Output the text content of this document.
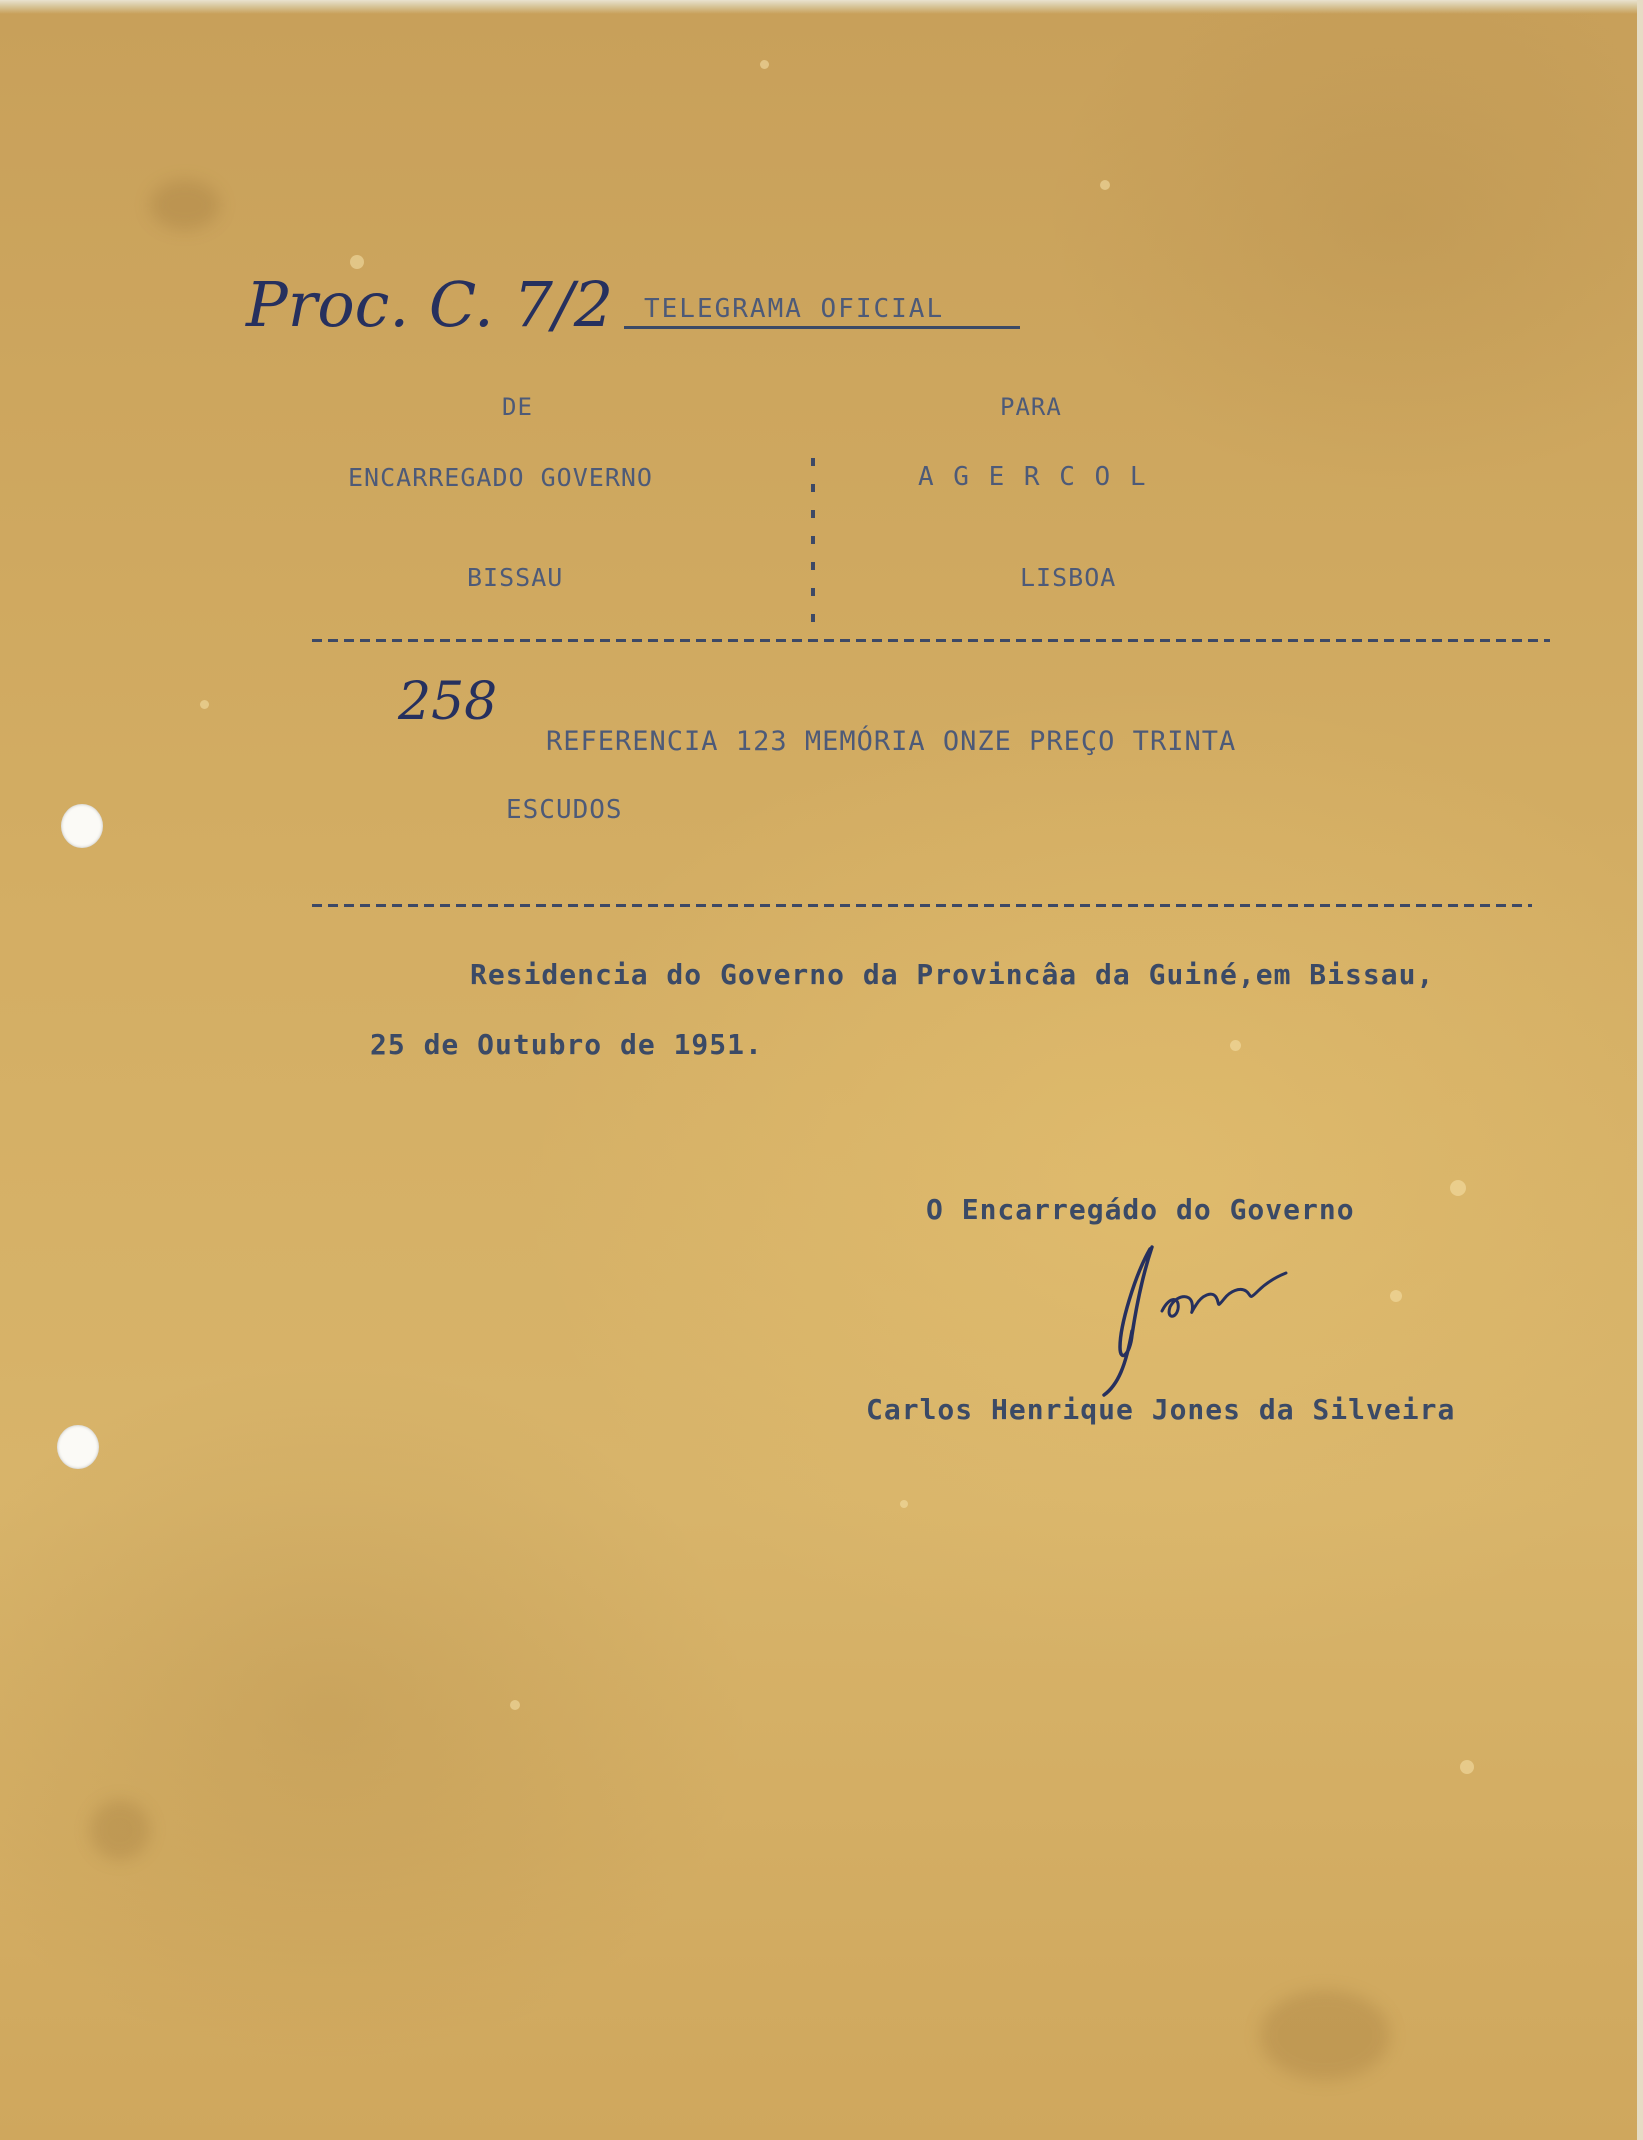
Proc. C. 7/2 TELEGRAMA OFICIAL
DE	PARA
ENCARREGADO GOVERNO	A G E R C O L
BISSAU	LISBOA
258
REFERENCIA 123 MEMÓRIA ONZE PREÇO TRINTA
ESCUDOS
Residencia do Governo da Provincâa da Guiné,em Bissau,
25 de Outubro de 1951.
O Encarregádo do Governo
Carlos Henrique Jones da Silveira
